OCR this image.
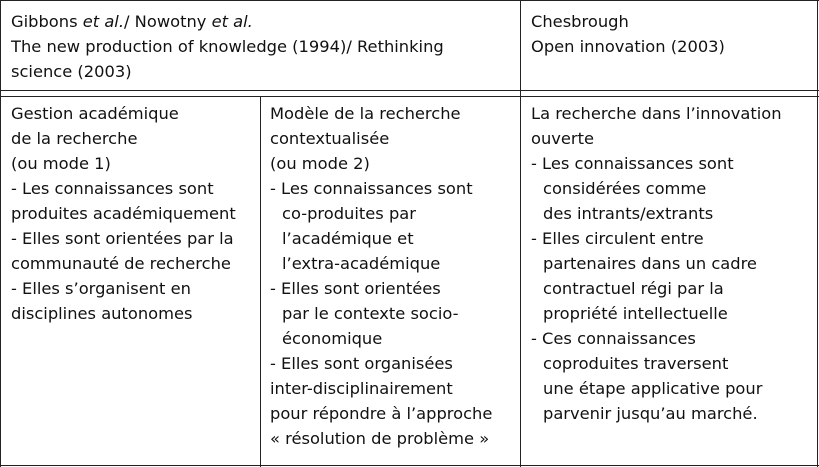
Gibbons et al./ Nowotny et al.
The new production of knowledge (1994)/ Rethinking
science (2003)
Chesbrough
Open innovation (2003)
Gestion académique
de la recherche
(ou mode 1)
- Les connaissances sont
produites académiquement
- Elles sont orientées par la
communauté de recherche
- Elles s’organisent en
disciplines autonomes
Modèle de la recherche
contextualisée
(ou mode 2)
- Les connaissances sont
co-produites par
l’académique et
l’extra-académique
- Elles sont orientées
par le contexte socio-
économique
- Elles sont organisées
inter-disciplinairement
pour répondre à l’approche
« résolution de problème »
La recherche dans l’innovation
ouverte
- Les connaissances sont
considérées comme
des intrants/extrants
- Elles circulent entre
partenaires dans un cadre
contractuel régi par la
propriété intellectuelle
- Ces connaissances
coproduites traversent
une étape applicative pour
parvenir jusqu’au marché.
